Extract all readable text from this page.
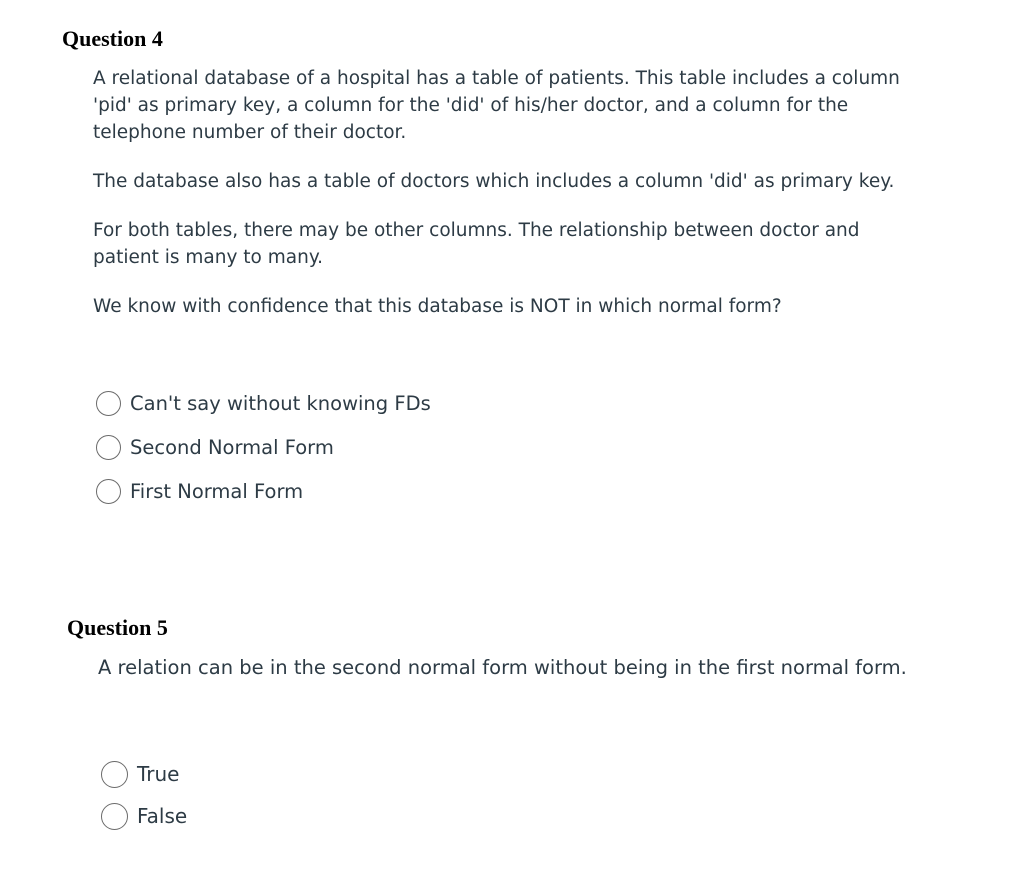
Question 4

A relational database of a hospital has a table of patients. This table includes a column 'pid' as primary key, a column for the 'did' of his/her doctor, and a column for the telephone number of their doctor.

The database also has a table of doctors which includes a column 'did' as primary key.

For both tables, there may be other columns. The relationship between doctor and patient is many to many.

We know with confidence that this database is NOT in which normal form?

Can't say without knowing FDs
Second Normal Form
First Normal Form
Question 5

A relation can be in the second normal form without being in the first normal form.

True
False
